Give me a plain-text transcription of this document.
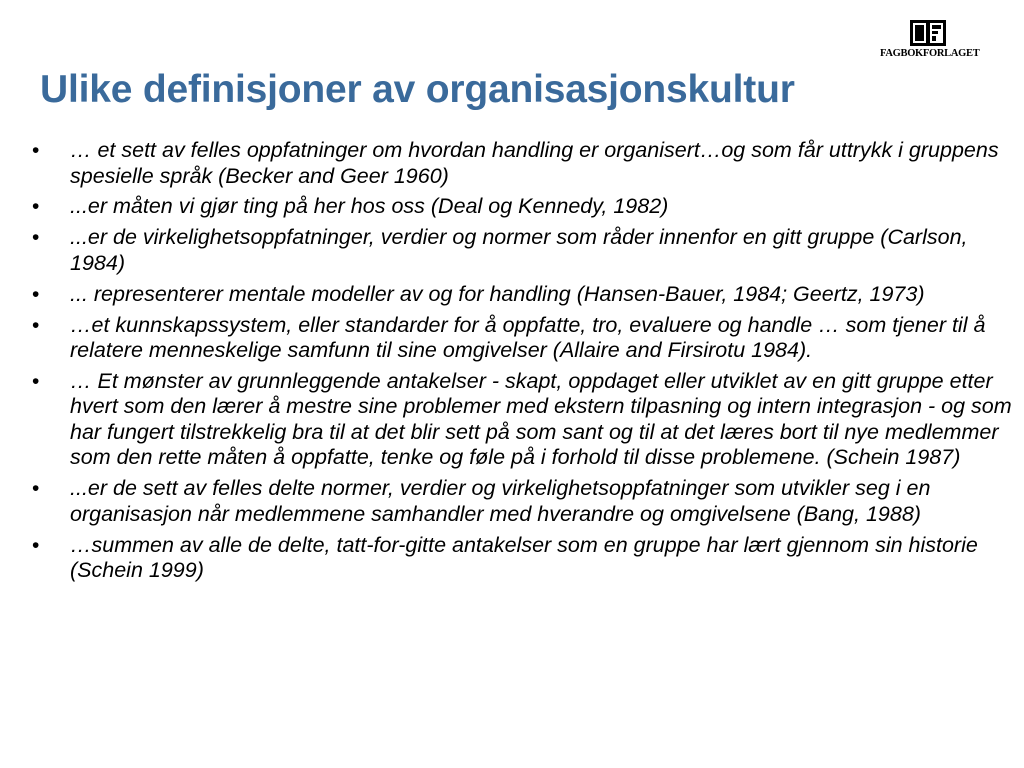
FAGBOKFORLAGET
Ulike definisjoner av organisasjonskultur
• … et sett av felles oppfatninger om hvordan handling er organisert…og som får uttrykk i gruppens spesielle språk (Becker and Geer 1960)
• ...er måten vi gjør ting på her hos oss (Deal og Kennedy, 1982)
• ...er de virkelighetsoppfatninger, verdier og normer som råder innenfor en gitt gruppe (Carlson, 1984)
• ... representerer mentale modeller av og for handling (Hansen-Bauer, 1984; Geertz, 1973)
• …et kunnskapssystem, eller standarder for å oppfatte, tro, evaluere og handle … som tjener til å relatere menneskelige samfunn til sine omgivelser (Allaire and Firsirotu 1984).
• … Et mønster av grunnleggende antakelser - skapt, oppdaget eller utviklet av en gitt gruppe etter hvert som den lærer å mestre sine problemer med ekstern tilpasning og intern integrasjon - og som har fungert tilstrekkelig bra til at det blir sett på som sant og til at det læres bort til nye medlemmer som den rette måten å oppfatte, tenke og føle på i forhold til disse problemene. (Schein 1987)
• ...er de sett av felles delte normer, verdier og virkelighetsoppfatninger som utvikler seg i en organisasjon når medlemmene samhandler med hverandre og omgivelsene (Bang, 1988)
• …summen av alle de delte, tatt-for-gitte antakelser som en gruppe har lært gjennom sin historie (Schein 1999)
